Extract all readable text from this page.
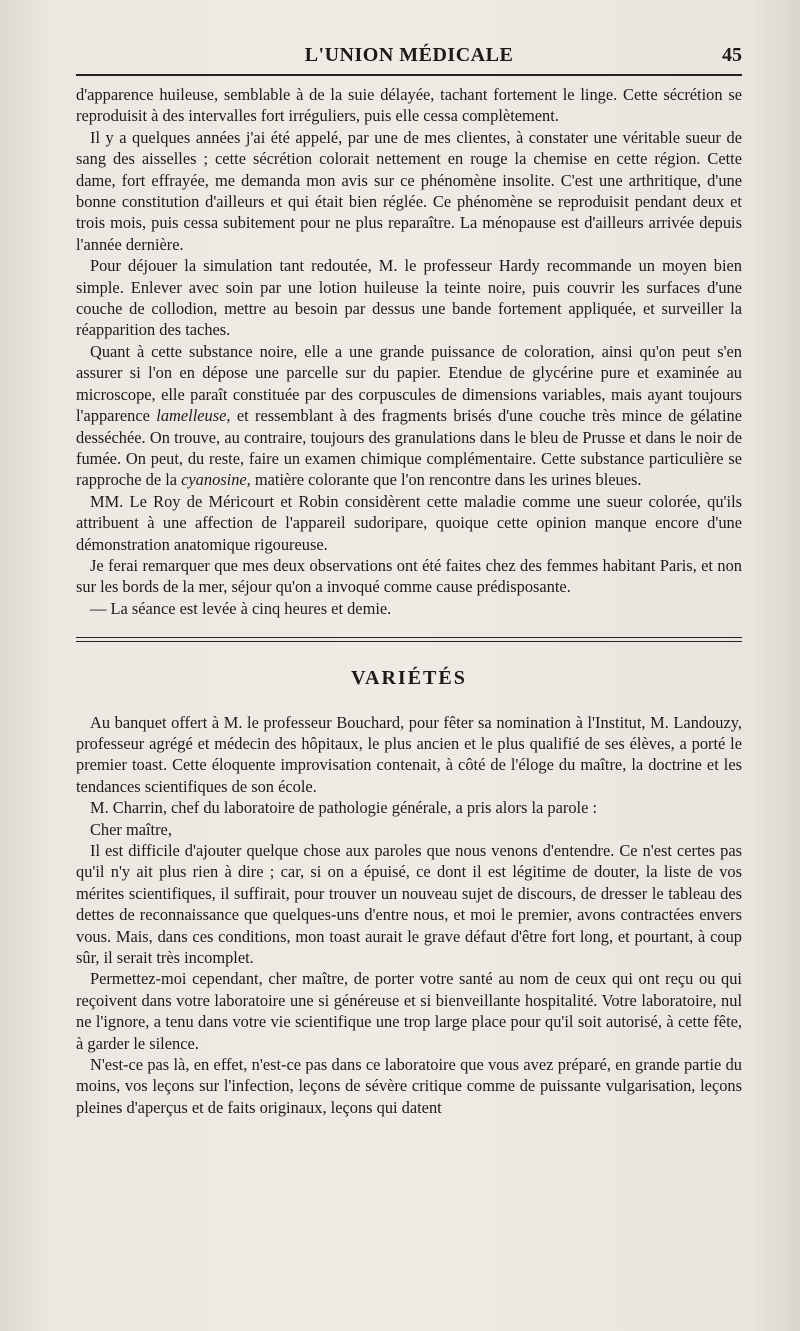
L'UNION MÉDICALE	45

d'apparence huileuse, semblable à de la suie délayée, tachant fortement le linge. Cette sécrétion se reproduisit à des intervalles fort irréguliers, puis elle cessa complètement.

Il y a quelques années j'ai été appelé, par une de mes clientes, à constater une véritable sueur de sang des aisselles ; cette sécrétion colorait nettement en rouge la chemise en cette région. Cette dame, fort effrayée, me demanda mon avis sur ce phénomène insolite. C'est une arthritique, d'une bonne constitution d'ailleurs et qui était bien réglée. Ce phénomène se reproduisit pendant deux et trois mois, puis cessa subitement pour ne plus reparaître. La ménopause est d'ailleurs arrivée depuis l'année dernière.

Pour déjouer la simulation tant redoutée, M. le professeur Hardy recommande un moyen bien simple. Enlever avec soin par une lotion huileuse la teinte noire, puis couvrir les surfaces d'une couche de collodion, mettre au besoin par dessus une bande fortement appliquée, et surveiller la réapparition des taches.

Quant à cette substance noire, elle a une grande puissance de coloration, ainsi qu'on peut s'en assurer si l'on en dépose une parcelle sur du papier. Etendue de glycérine pure et examinée au microscope, elle paraît constituée par des corpuscules de dimensions variables, mais ayant toujours l'apparence lamelleuse, et ressemblant à des fragments brisés d'une couche très mince de gélatine desséchée. On trouve, au contraire, toujours des granulations dans le bleu de Prusse et dans le noir de fumée. On peut, du reste, faire un examen chimique complémentaire. Cette substance particulière se rapproche de la cyanosine, matière colorante que l'on rencontre dans les urines bleues.

MM. Le Roy de Méricourt et Robin considèrent cette maladie comme une sueur colorée, qu'ils attribuent à une affection de l'appareil sudoripare, quoique cette opinion manque encore d'une démonstration anatomique rigoureuse.

Je ferai remarquer que mes deux observations ont été faites chez des femmes habitant Paris, et non sur les bords de la mer, séjour qu'on a invoqué comme cause prédisposante.

— La séance est levée à cinq heures et demie.

VARIÉTÉS

Au banquet offert à M. le professeur Bouchard, pour fêter sa nomination à l'Institut, M. Landouzy, professeur agrégé et médecin des hôpitaux, le plus ancien et le plus qualifié de ses élèves, a porté le premier toast. Cette éloquente improvisation contenait, à côté de l'éloge du maître, la doctrine et les tendances scientifiques de son école.

M. Charrin, chef du laboratoire de pathologie générale, a pris alors la parole :

Cher maître,

Il est difficile d'ajouter quelque chose aux paroles que nous venons d'entendre. Ce n'est certes pas qu'il n'y ait plus rien à dire ; car, si on a épuisé, ce dont il est légitime de douter, la liste de vos mérites scientifiques, il suffirait, pour trouver un nouveau sujet de discours, de dresser le tableau des dettes de reconnaissance que quelques-uns d'entre nous, et moi le premier, avons contractées envers vous. Mais, dans ces conditions, mon toast aurait le grave défaut d'être fort long, et pourtant, à coup sûr, il serait très incomplet.

Permettez-moi cependant, cher maître, de porter votre santé au nom de ceux qui ont reçu ou qui reçoivent dans votre laboratoire une si généreuse et si bienveillante hospitalité. Votre laboratoire, nul ne l'ignore, a tenu dans votre vie scientifique une trop large place pour qu'il soit autorisé, à cette fête, à garder le silence.

N'est-ce pas là, en effet, n'est-ce pas dans ce laboratoire que vous avez préparé, en grande partie du moins, vos leçons sur l'infection, leçons de sévère critique comme de puissante vulgarisation, leçons pleines d'aperçus et de faits originaux, leçons qui datent
